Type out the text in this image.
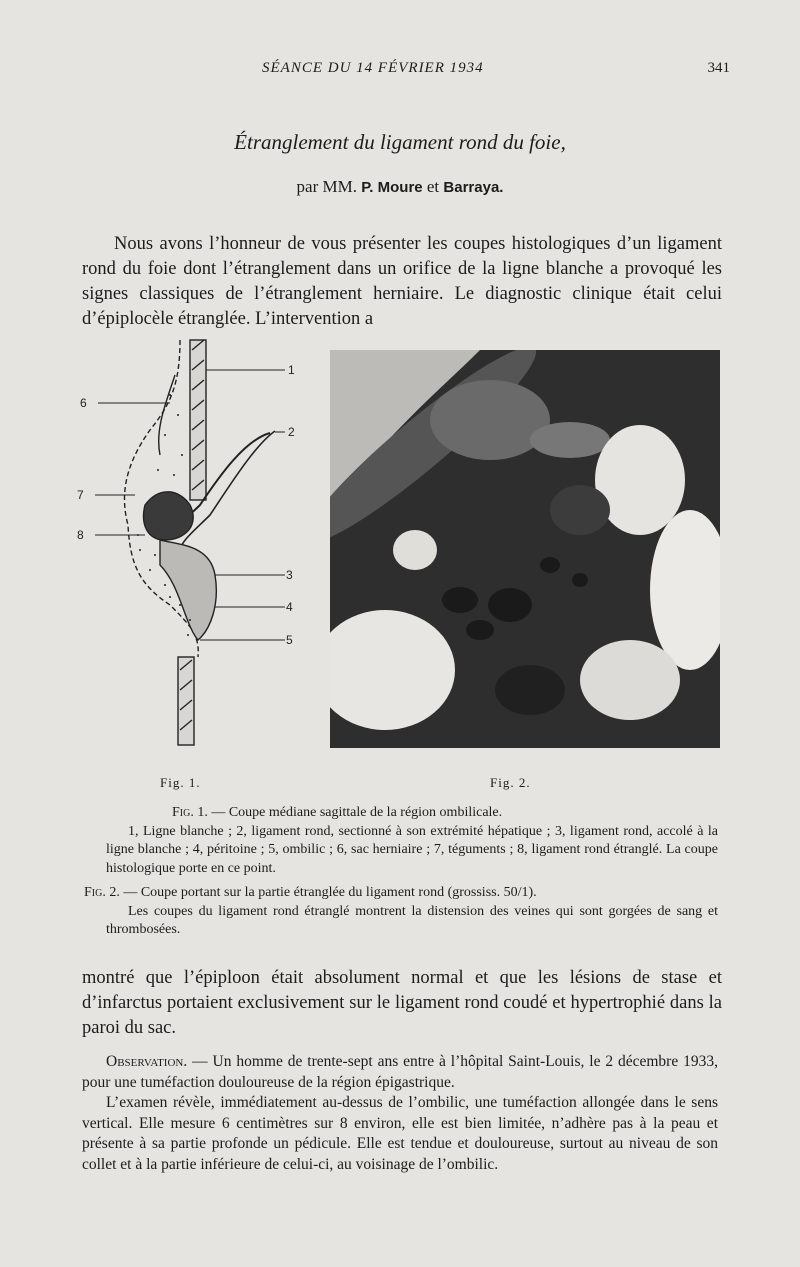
SÉANCE DU 14 FÉVRIER 1934	341
Étranglement du ligament rond du foie,
par MM. P. Moure et Barraya.

Nous avons l’honneur de vous présenter les coupes histologiques d’un ligament rond du foie dont l’étranglement dans un orifice de la ligne blanche a provoqué les signes classiques de l’étranglement herniaire. Le diagnostic clinique était celui d’épiplocèle étranglée. L’intervention a

1
2
3
4
5
6
7
8
Fig. 1.	Fig. 2.
Fig. 1. — Coupe médiane sagittale de la région ombilicale.
1, Ligne blanche ; 2, ligament rond, sectionné à son extrémité hépatique ; 3, ligament rond, accolé à la ligne blanche ; 4, péritoine ; 5, ombilic ; 6, sac herniaire ; 7, téguments ; 8, ligament rond étranglé. La coupe histologique porte en ce point.
Fig. 2. — Coupe portant sur la partie étranglée du ligament rond (grossiss. 50/1).
Les coupes du ligament rond étranglé montrent la distension des veines qui sont gorgées de sang et thrombosées.

montré que l’épiploon était absolument normal et que les lésions de stase et d’infarctus portaient exclusivement sur le ligament rond coudé et hypertrophié dans la paroi du sac.

Observation. — Un homme de trente-sept ans entre à l’hôpital Saint-Louis, le 2 décembre 1933, pour une tuméfaction douloureuse de la région épigastrique.

L’examen révèle, immédiatement au-dessus de l’ombilic, une tuméfaction allongée dans le sens vertical. Elle mesure 6 centimètres sur 8 environ, elle est bien limitée, n’adhère pas à la peau et présente à sa partie profonde un pédicule. Elle est tendue et douloureuse, surtout au niveau de son collet et à la partie inférieure de celui-ci, au voisinage de l’ombilic.
